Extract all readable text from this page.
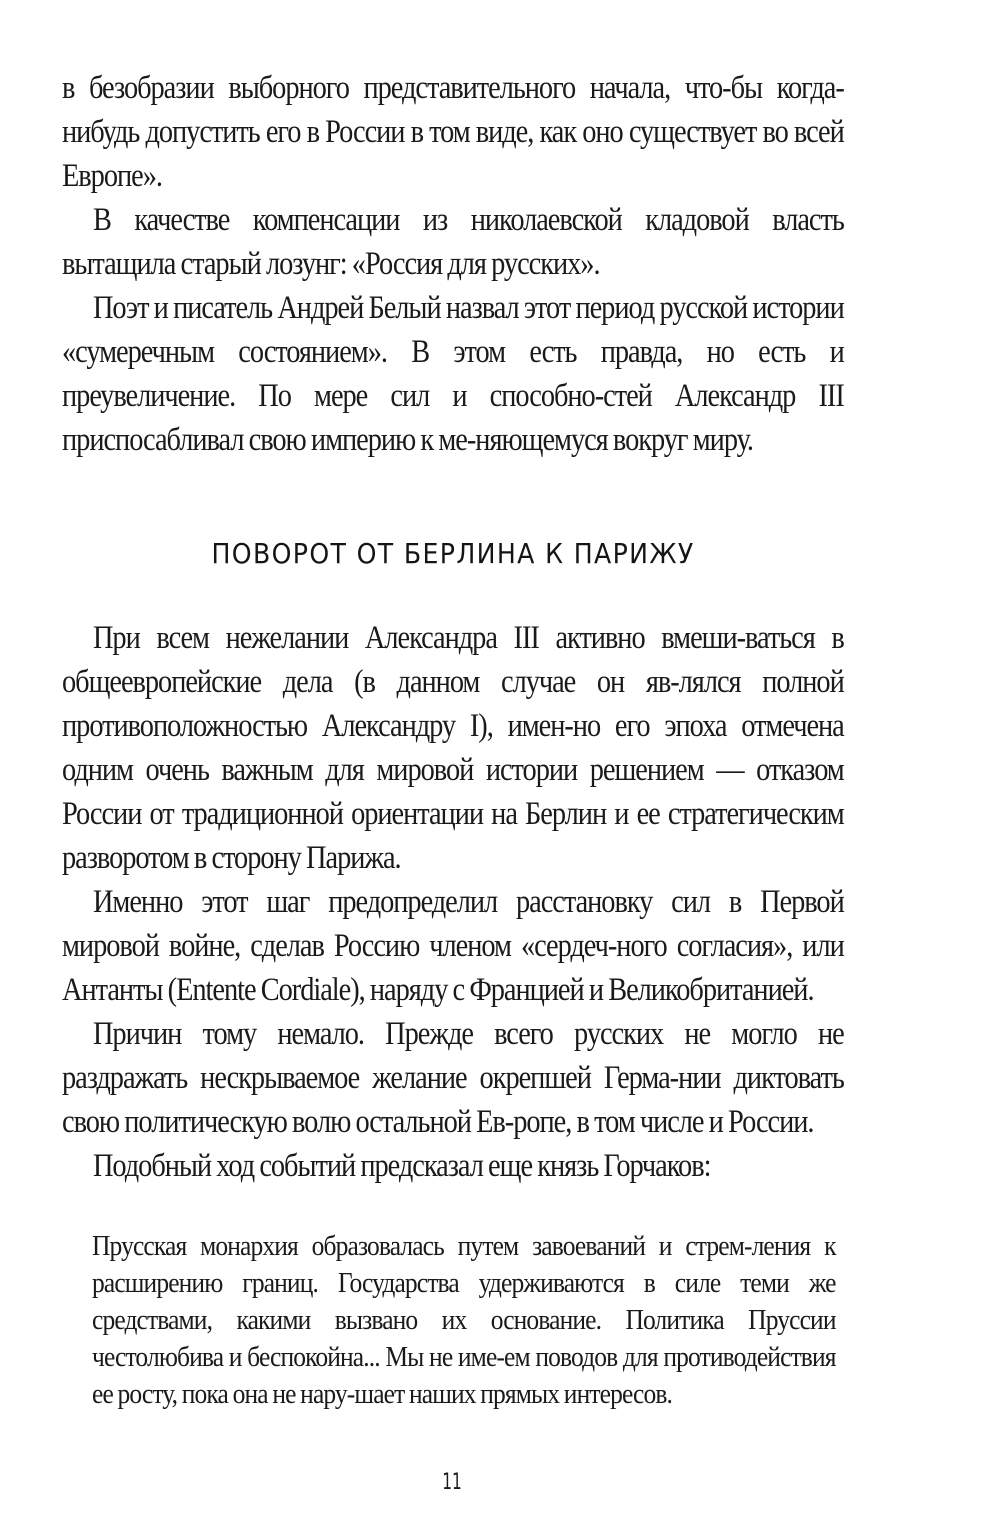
в безобразии выборного представительного начала, что-бы когда-нибудь допустить его в России в том виде, как оно существует во всей Европе».

В качестве компенсации из николаевской кладовой власть вытащила старый лозунг: «Россия для русских».

Поэт и писатель Андрей Белый назвал этот период русской истории «сумеречным состоянием». В этом есть правда, но есть и преувеличение. По мере сил и способно-стей Александр III приспосабливал свою империю к ме-няющемуся вокруг миру.

ПОВОРОТ ОТ БЕРЛИНА К ПАРИЖУ

При всем нежелании Александра III активно вмеши-ваться в общеевропейские дела (в данном случае он яв-лялся полной противоположностью Александру I), имен-но его эпоха отмечена одним очень важным для мировой истории решением — отказом России от традиционной ориентации на Берлин и ее стратегическим разворотом в сторону Парижа.

Именно этот шаг предопределил расстановку сил в Первой мировой войне, сделав Россию членом «сердеч-ного согласия», или Антанты (Entente Cordiale), наряду с Францией и Великобританией.

Причин тому немало. Прежде всего русских не могло не раздражать нескрываемое желание окрепшей Герма-нии диктовать свою политическую волю остальной Ев-ропе, в том числе и России.

Подобный ход событий предсказал еще князь Горчаков:

Прусская монархия образовалась путем завоеваний и стрем-ления к расширению границ. Государства удерживаются в силе теми же средствами, какими вызвано их основание. Политика Пруссии честолюбива и беспокойна... Мы не име-ем поводов для противодействия ее росту, пока она не нару-шает наших прямых интересов.

11
